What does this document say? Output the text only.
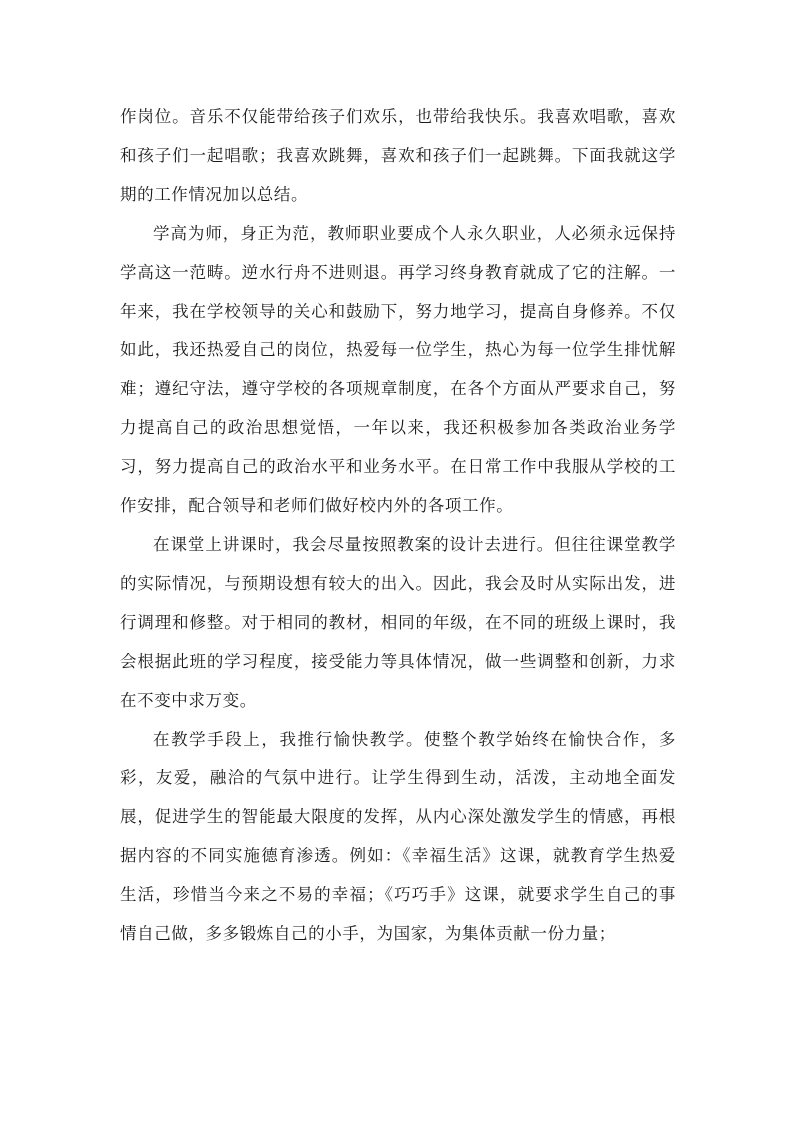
作岗位。音乐不仅能带给孩子们欢乐，也带给我快乐。我喜欢唱歌，喜欢和孩子们一起唱歌；我喜欢跳舞，喜欢和孩子们一起跳舞。下面我就这学期的工作情况加以总结。

学高为师，身正为范，教师职业要成个人永久职业，人必须永远保持学高这一范畴。逆水行舟不进则退。再学习终身教育就成了它的注解。一年来，我在学校领导的关心和鼓励下，努力地学习，提高自身修养。不仅如此，我还热爱自己的岗位，热爱每一位学生，热心为每一位学生排忧解难；遵纪守法，遵守学校的各项规章制度，在各个方面从严要求自己，努力提高自己的政治思想觉悟，一年以来，我还积极参加各类政治业务学习，努力提高自己的政治水平和业务水平。在日常工作中我服从学校的工作安排，配合领导和老师们做好校内外的各项工作。

在课堂上讲课时，我会尽量按照教案的设计去进行。但往往课堂教学的实际情况，与预期设想有较大的出入。因此，我会及时从实际出发，进行调理和修整。对于相同的教材，相同的年级，在不同的班级上课时，我会根据此班的学习程度，接受能力等具体情况，做一些调整和创新，力求在不变中求万变。

在教学手段上，我推行愉快教学。使整个教学始终在愉快合作，多彩，友爱，融洽的气氛中进行。让学生得到生动，活泼，主动地全面发展，促进学生的智能最大限度的发挥，从内心深处激发学生的情感，再根据内容的不同实施德育渗透。例如：《幸福生活》这课，就教育学生热爱生活，珍惜当今来之不易的幸福；《巧巧手》这课，就要求学生自己的事情自己做，多多锻炼自己的小手，为国家，为集体贡献一份力量；
